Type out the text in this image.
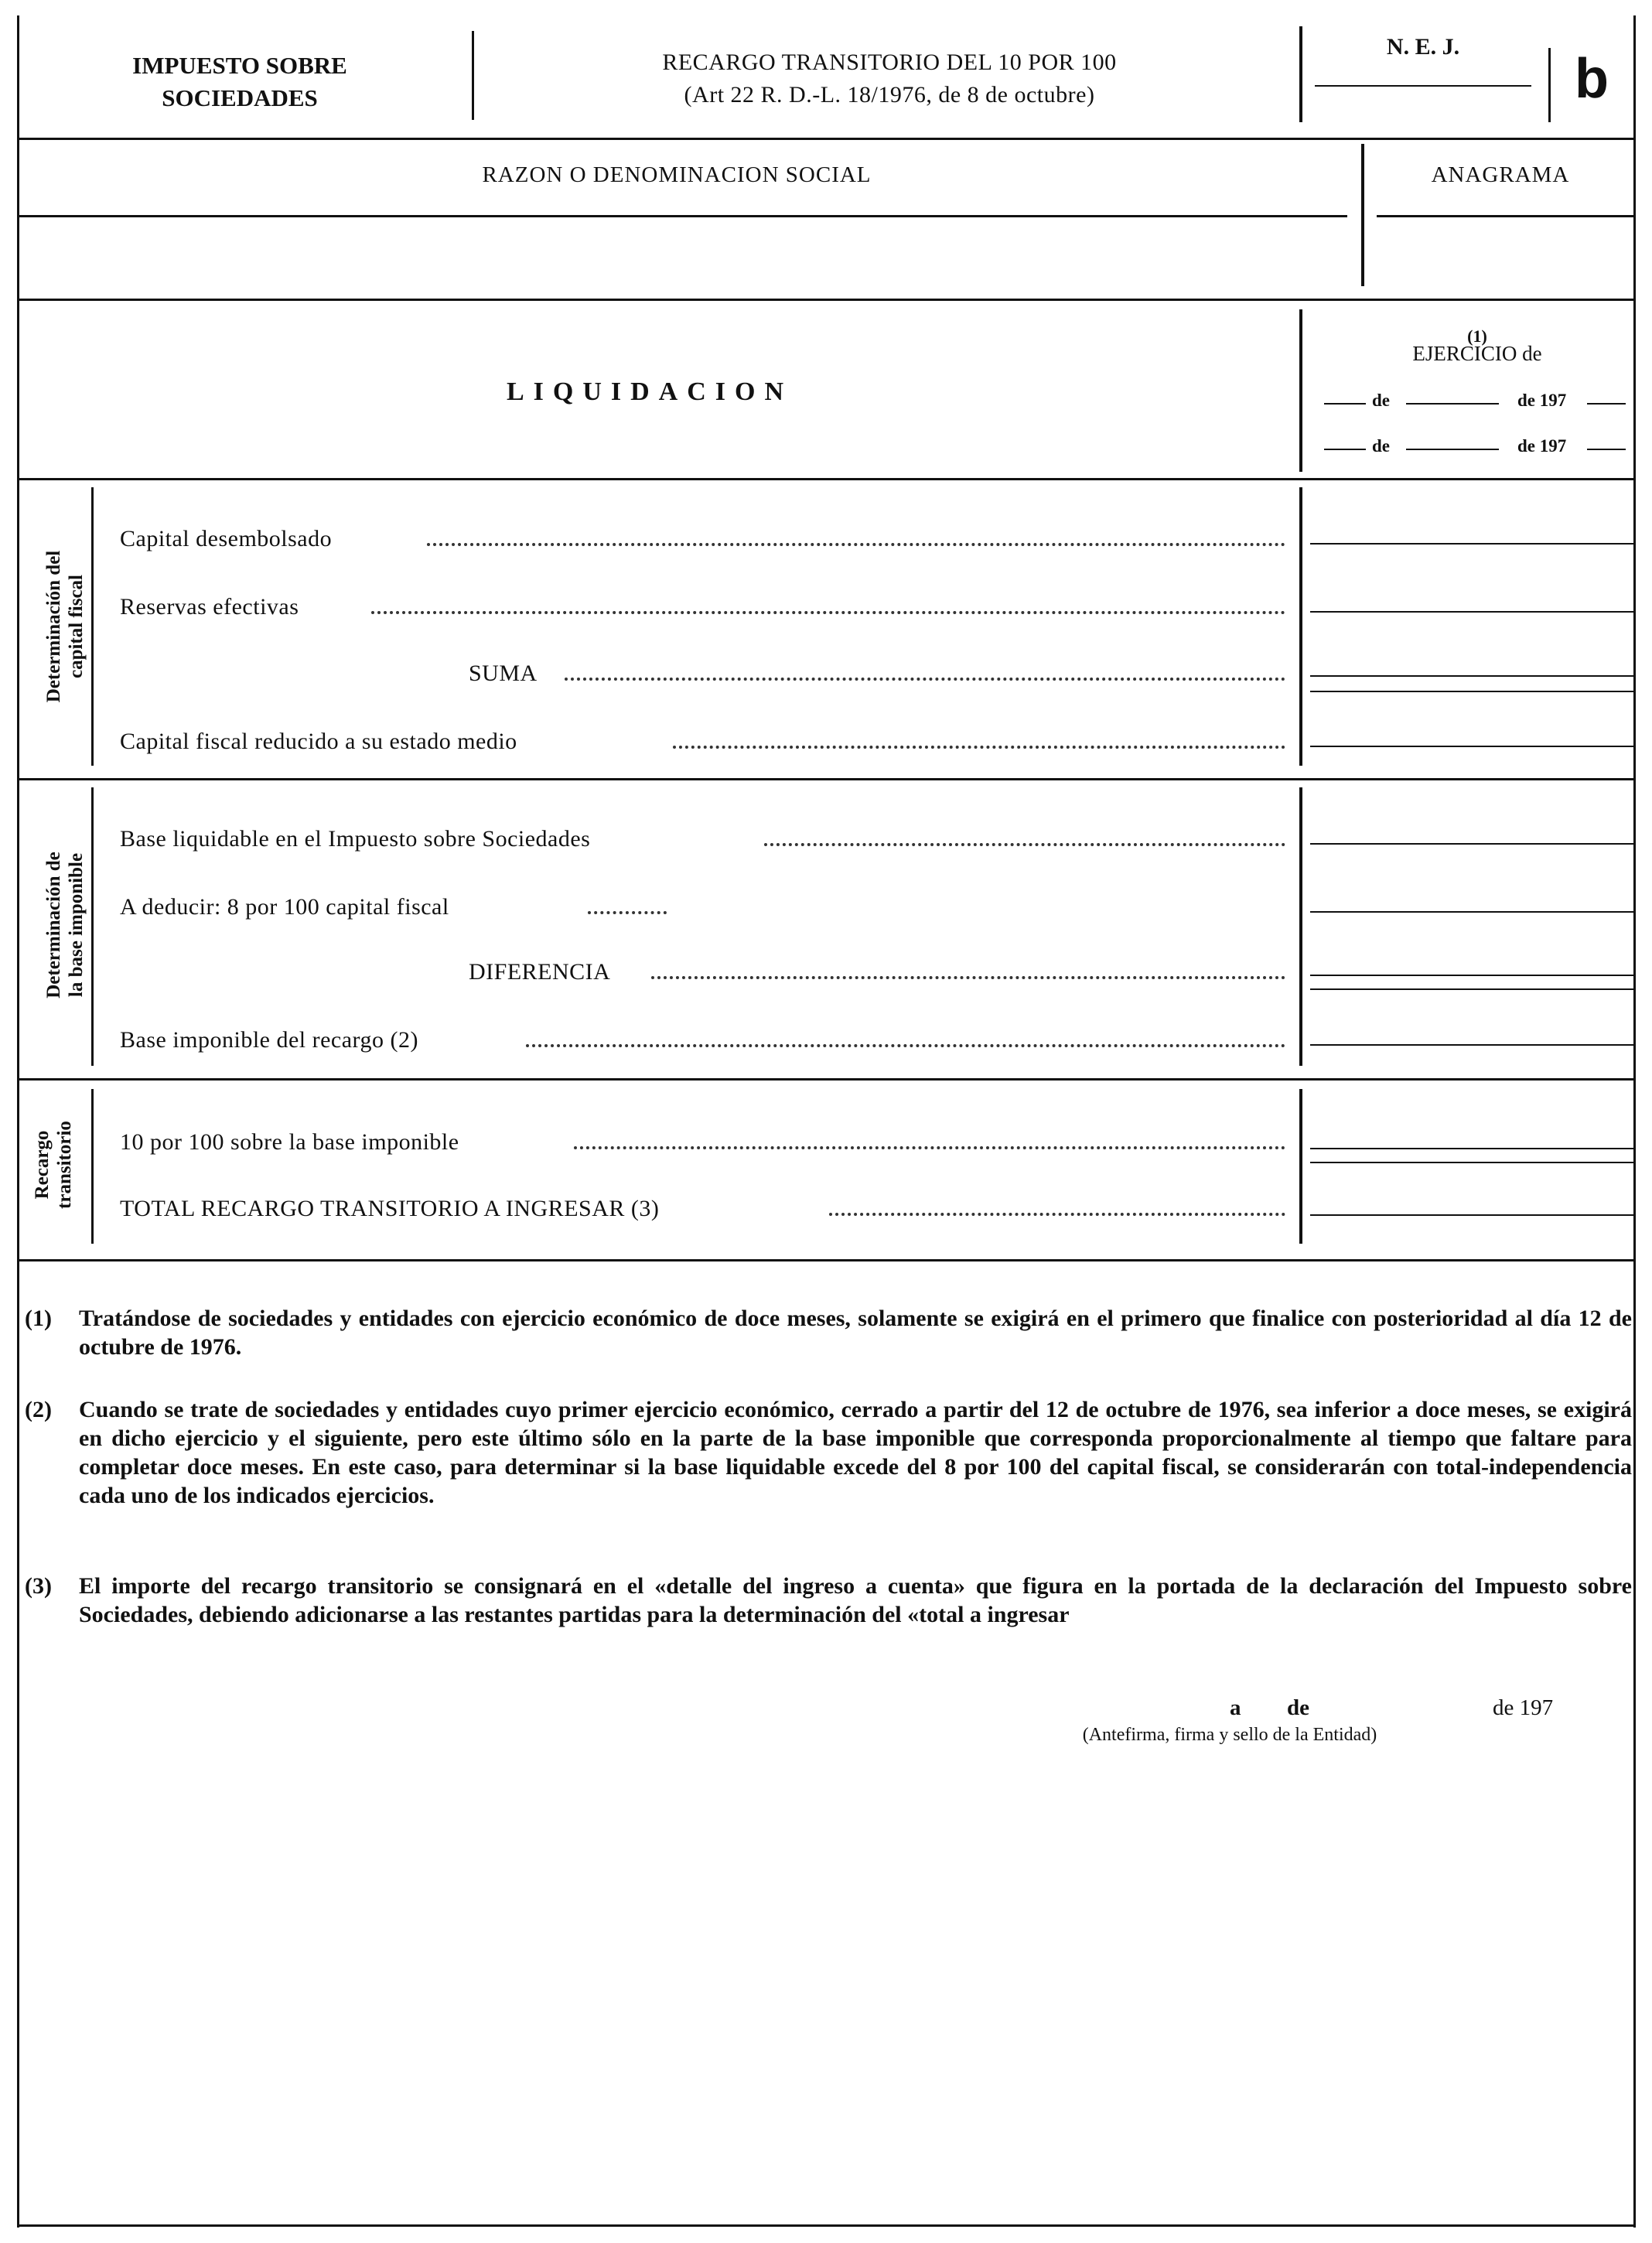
IMPUESTO SOBRE
SOCIEDADES
RECARGO TRANSITORIO DEL 10 POR 100
(Art 22 R. D.-L. 18/1976, de 8 de octubre)
N. E. J.
b
RAZON O DENOMINACION SOCIAL	ANAGRAMA
LIQUIDACION
(1)
EJERCICIO de
de	de 197
de	de 197
Determinación del capital fiscal
Capital desembolsado
Reservas efectivas
SUMA
Capital fiscal reducido a su estado medio
Determinación de la base imponible
Base liquidable en el Impuesto sobre Sociedades
A deducir: 8 por 100 capital fiscal
DIFERENCIA
Base imponible del recargo (2)
Recargo transitorio 10 por 100 sobre la base imponible
TOTAL RECARGO TRANSITORIO A INGRESAR (3)
(1) Tratándose de sociedades y entidades con ejercicio económico de doce meses, solamente se exigirá en el primero que finalice con posterioridad al día 12 de octubre de 1976.
(2) Cuando se trate de sociedades y entidades cuyo primer ejercicio económico, cerrado a partir del 12 de octubre de 1976, sea inferior a doce meses, se exigirá en dicho ejercicio y el siguiente, pero este último sólo en la parte de la base imponible que corresponda proporcionalmente al tiempo que faltare para completar doce meses. En este caso, para determinar si la base liquidable excede del 8 por 100 del capital fiscal, se considerarán con total-independencia cada uno de los indicados ejercicios.
(3) El importe del recargo transitorio se consignará en el «detalle del ingreso a cuenta» que figura en la portada de la declaración del Impuesto sobre Sociedades, debiendo adicionarse a las restantes partidas para la determinación del «total a ingresar
a de	de 197
(Antefirma, firma y sello de la Entidad)
